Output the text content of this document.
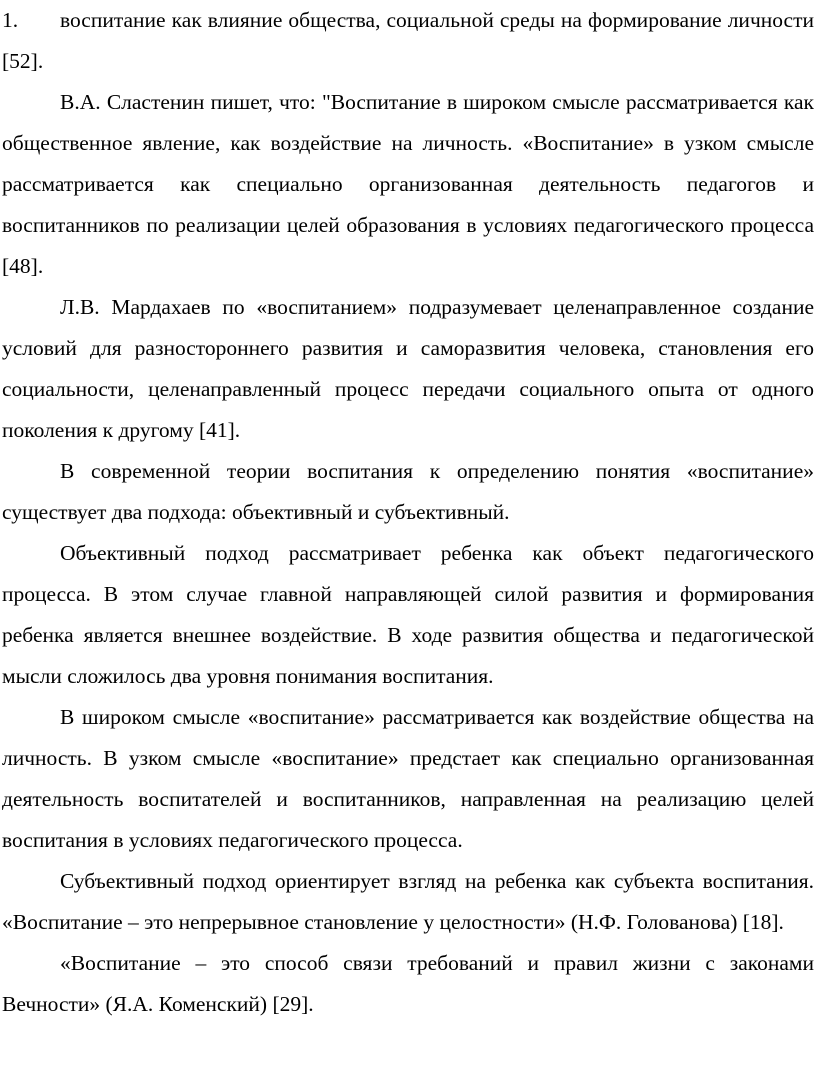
1. воспитание как влияние общества, социальной среды на формирование личности [52].

В.А. Сластенин пишет, что: "Воспитание в широком смысле рассматривается как общественное явление, как воздействие на личность. «Воспитание» в узком смысле рассматривается как специально организованная деятельность педагогов и воспитанников по реализации целей образования в условиях педагогического процесса [48].

Л.В. Мардахаев по «воспитанием» подразумевает целенаправленное создание условий для разностороннего развития и саморазвития человека, становления его социальности, целенаправленный процесс передачи социального опыта от одного поколения к другому [41].

В современной теории воспитания к определению понятия «воспитание» существует два подхода: объективный и субъективный.

Объективный подход рассматривает ребенка как объект педагогического процесса. В этом случае главной направляющей силой развития и формирования ребенка является внешнее воздействие. В ходе развития общества и педагогической мысли сложилось два уровня понимания воспитания.

В широком смысле «воспитание» рассматривается как воздействие общества на личность. В узком смысле «воспитание» предстает как специально организованная деятельность воспитателей и воспитанников, направленная на реализацию целей воспитания в условиях педагогического процесса.

Субъективный подход ориентирует взгляд на ребенка как субъекта воспитания. «Воспитание – это непрерывное становление у целостности» (Н.Ф. Голованова) [18].

«Воспитание – это способ связи требований и правил жизни с законами Вечности» (Я.А. Коменский) [29].
